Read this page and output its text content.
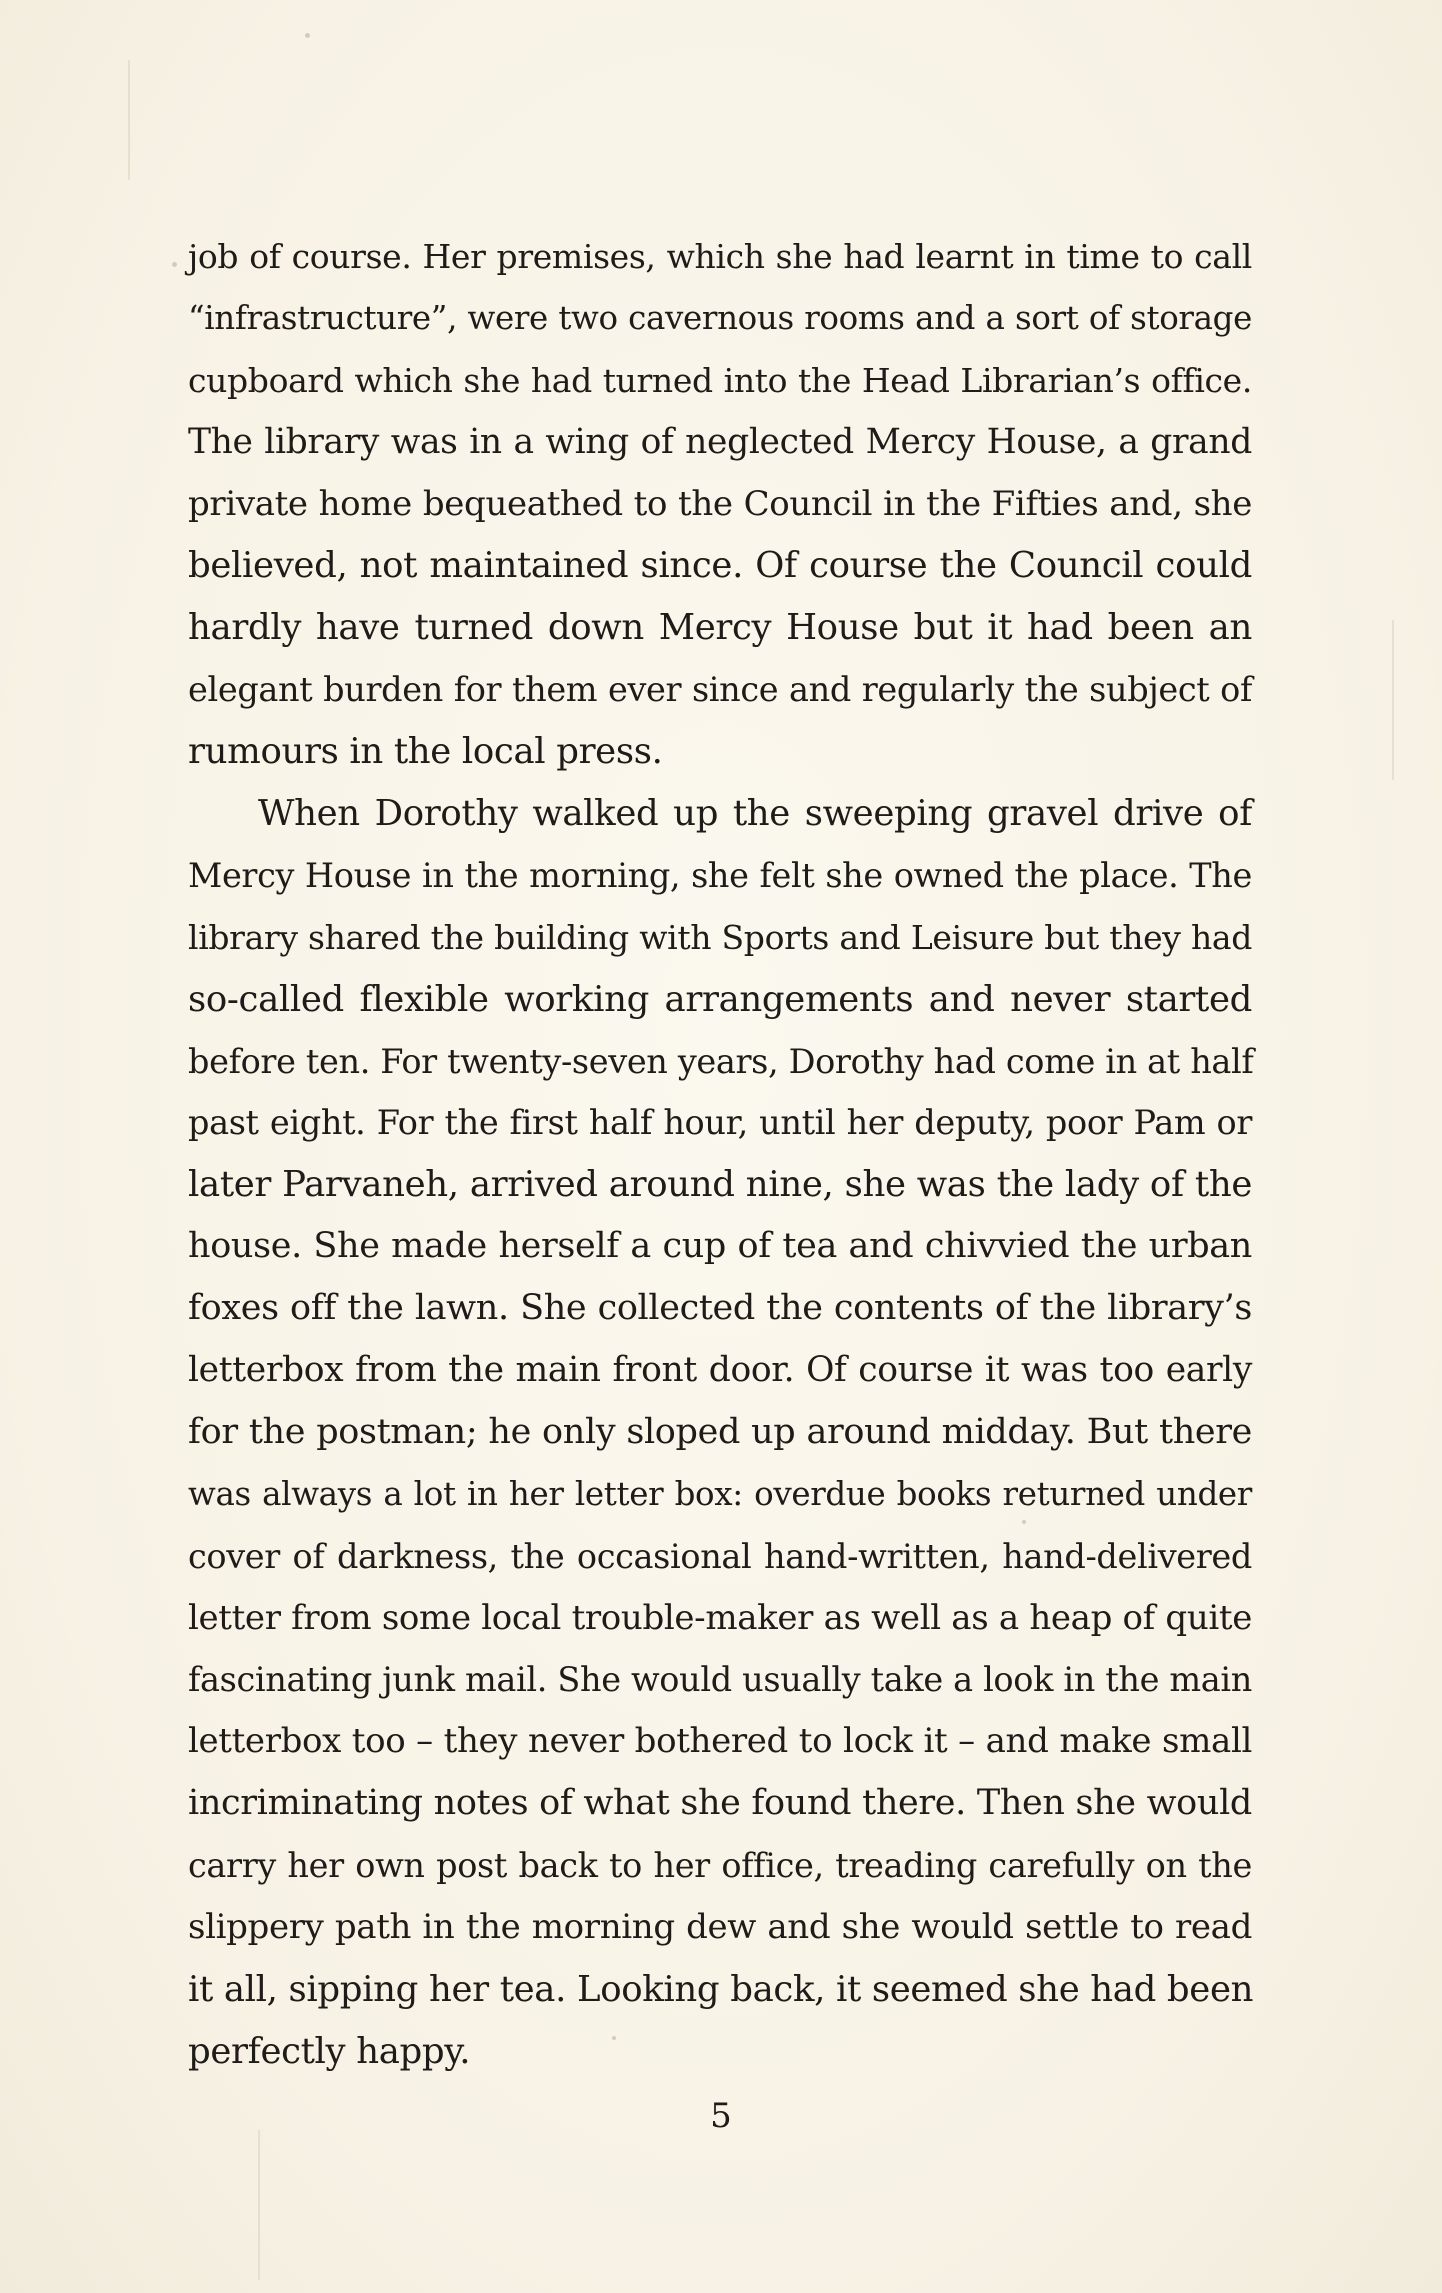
job of course. Her premises, which she had learnt in time to call
“infrastructure”, were two cavernous rooms and a sort of storage
cupboard which she had turned into the Head Librarian’s office.
The library was in a wing of neglected Mercy House, a grand
private home bequeathed to the Council in the Fifties and, she
believed, not maintained since. Of course the Council could
hardly have turned down Mercy House but it had been an
elegant burden for them ever since and regularly the subject of
rumours in the local press.
When Dorothy walked up the sweeping gravel drive of
Mercy House in the morning, she felt she owned the place. The
library shared the building with Sports and Leisure but they had
so-called flexible working arrangements and never started
before ten. For twenty-seven years, Dorothy had come in at half
past eight. For the first half hour, until her deputy, poor Pam or
later Parvaneh, arrived around nine, she was the lady of the
house. She made herself a cup of tea and chivvied the urban
foxes off the lawn. She collected the contents of the library’s
letterbox from the main front door. Of course it was too early
for the postman; he only sloped up around midday. But there
was always a lot in her letter box: overdue books returned under
cover of darkness, the occasional hand-written, hand-delivered
letter from some local trouble-maker as well as a heap of quite
fascinating junk mail. She would usually take a look in the main
letterbox too – they never bothered to lock it – and make small
incriminating notes of what she found there. Then she would
carry her own post back to her office, treading carefully on the
slippery path in the morning dew and she would settle to read
it all, sipping her tea. Looking back, it seemed she had been
perfectly happy.
5
